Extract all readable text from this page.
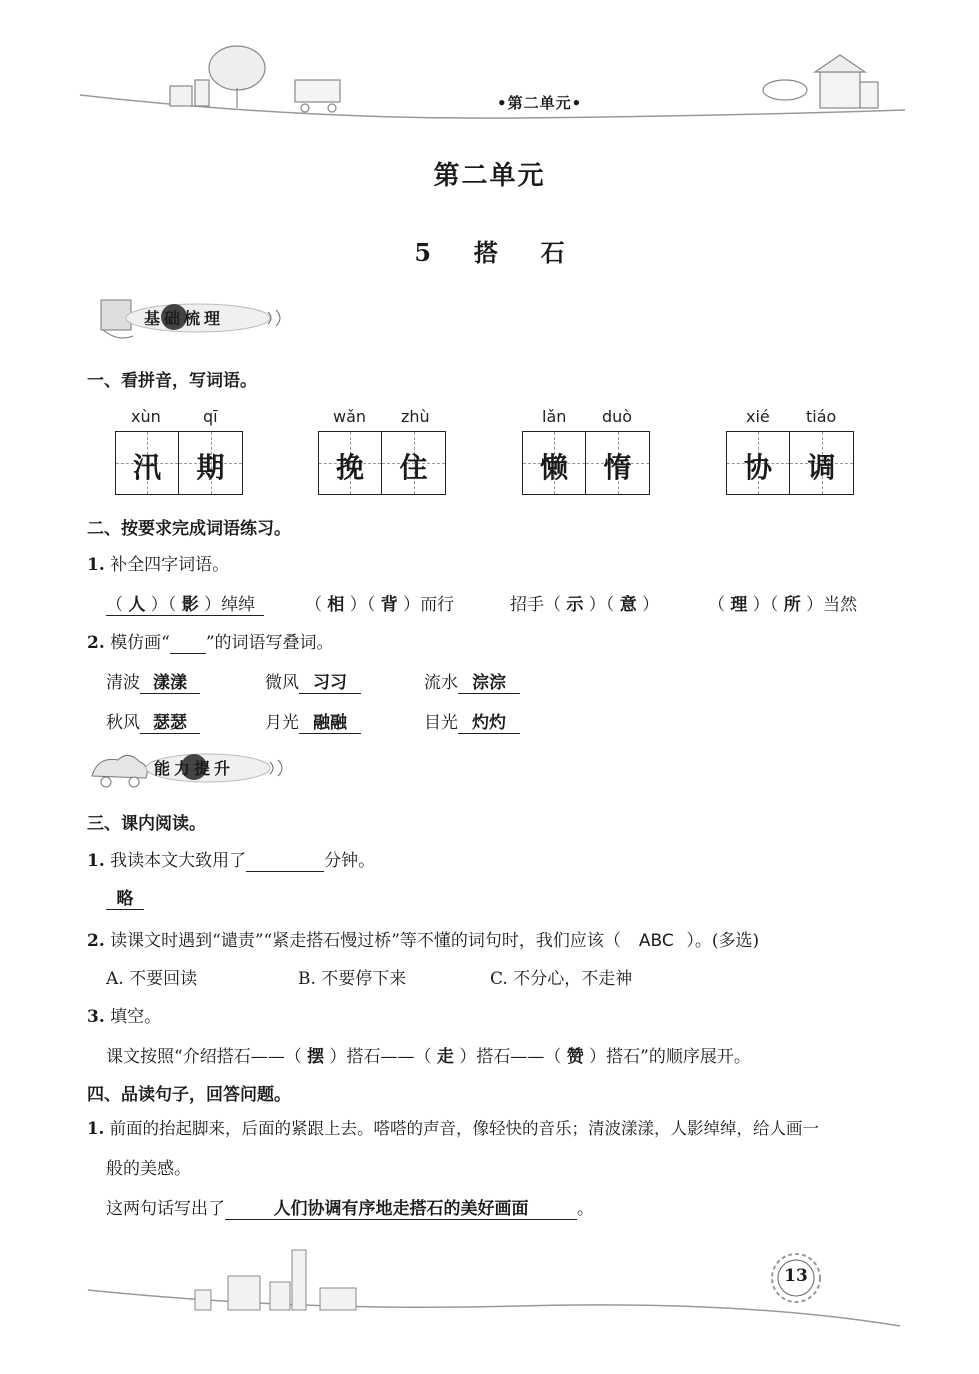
•第二单元•
第二单元
5 搭 石
基础梳理
一、看拼音，写词语。
xùn	qī
汛	期
wǎn zhù
挽	住
lǎn duò
懒	惰
xié tiáo
协	调
二、按要求完成词语练习。
1. 补全四字词语。
（ 人 ）（ 影 ）绰绰	（ 相 ）（ 背 ）而行	招手（ 示 ）（ 意 ）	（ 理 ）（ 所 ）当然
2. 模仿画“ ”的词语写叠词。
清波 漾漾	微风 习习	流水 淙淙
秋风 瑟瑟	月光 融融	目光 灼灼
能力提升
三、课内阅读。
1. 我读本文大致用了	分钟。
略
2. 读课文时遇到“谴责”“紧走搭石慢过桥”等不懂的词句时，我们应该（ ABC ）。(多选)
A. 不要回读	B. 不要停下来	C. 不分心，不走神
3. 填空。
课文按照“介绍搭石——（ 摆 ）搭石——（ 走 ）搭石——（ 赞 ）搭石”的顺序展开。
四、品读句子，回答问题。
1. 前面的抬起脚来，后面的紧跟上去。嗒嗒的声音，像轻快的音乐；清波漾漾，人影绰绰，给人画一
般的美感。
这两句话写出了	人们协调有序地走搭石的美好画面	。
13
